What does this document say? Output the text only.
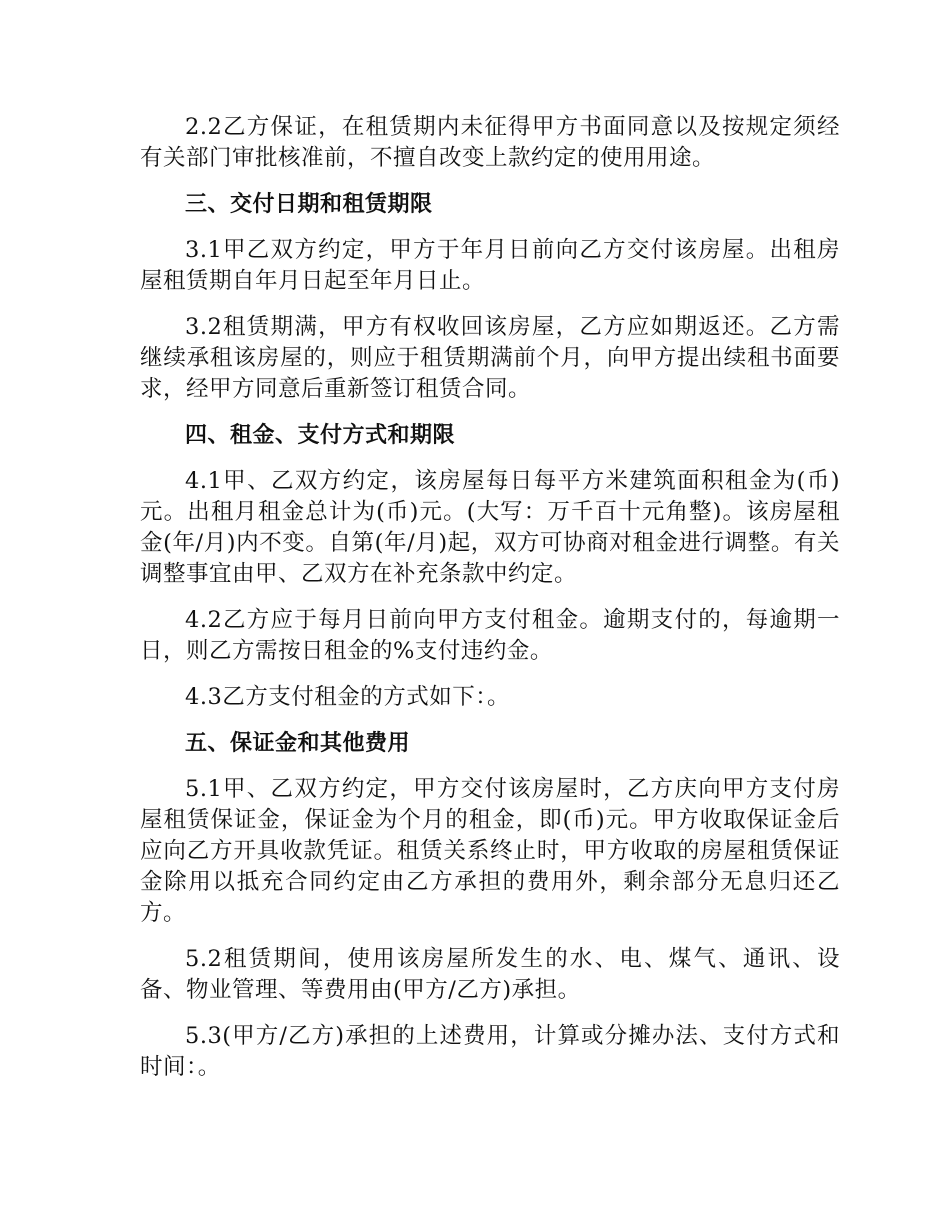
2.2乙方保证，在租赁期内未征得甲方书面同意以及按规定须经有关部门审批核准前，不擅自改变上款约定的使用用途。

三、交付日期和租赁期限

3.1甲乙双方约定，甲方于年月日前向乙方交付该房屋。出租房屋租赁期自年月日起至年月日止。

3.2租赁期满，甲方有权收回该房屋，乙方应如期返还。乙方需继续承租该房屋的，则应于租赁期满前个月，向甲方提出续租书面要求，经甲方同意后重新签订租赁合同。

四、租金、支付方式和期限

4.1甲、乙双方约定，该房屋每日每平方米建筑面积租金为(币)元。出租月租金总计为(币)元。(大写：万千百十元角整)。该房屋租金(年/月)内不变。自第(年/月)起，双方可协商对租金进行调整。有关调整事宜由甲、乙双方在补充条款中约定。

4.2乙方应于每月日前向甲方支付租金。逾期支付的，每逾期一日，则乙方需按日租金的%支付违约金。

4.3乙方支付租金的方式如下：。

五、保证金和其他费用

5.1甲、乙双方约定，甲方交付该房屋时，乙方庆向甲方支付房屋租赁保证金，保证金为个月的租金，即(币)元。甲方收取保证金后应向乙方开具收款凭证。租赁关系终止时，甲方收取的房屋租赁保证金除用以抵充合同约定由乙方承担的费用外，剩余部分无息归还乙方。

5.2租赁期间，使用该房屋所发生的水、电、煤气、通讯、设备、物业管理、等费用由(甲方/乙方)承担。

5.3(甲方/乙方)承担的上述费用，计算或分摊办法、支付方式和时间：。
